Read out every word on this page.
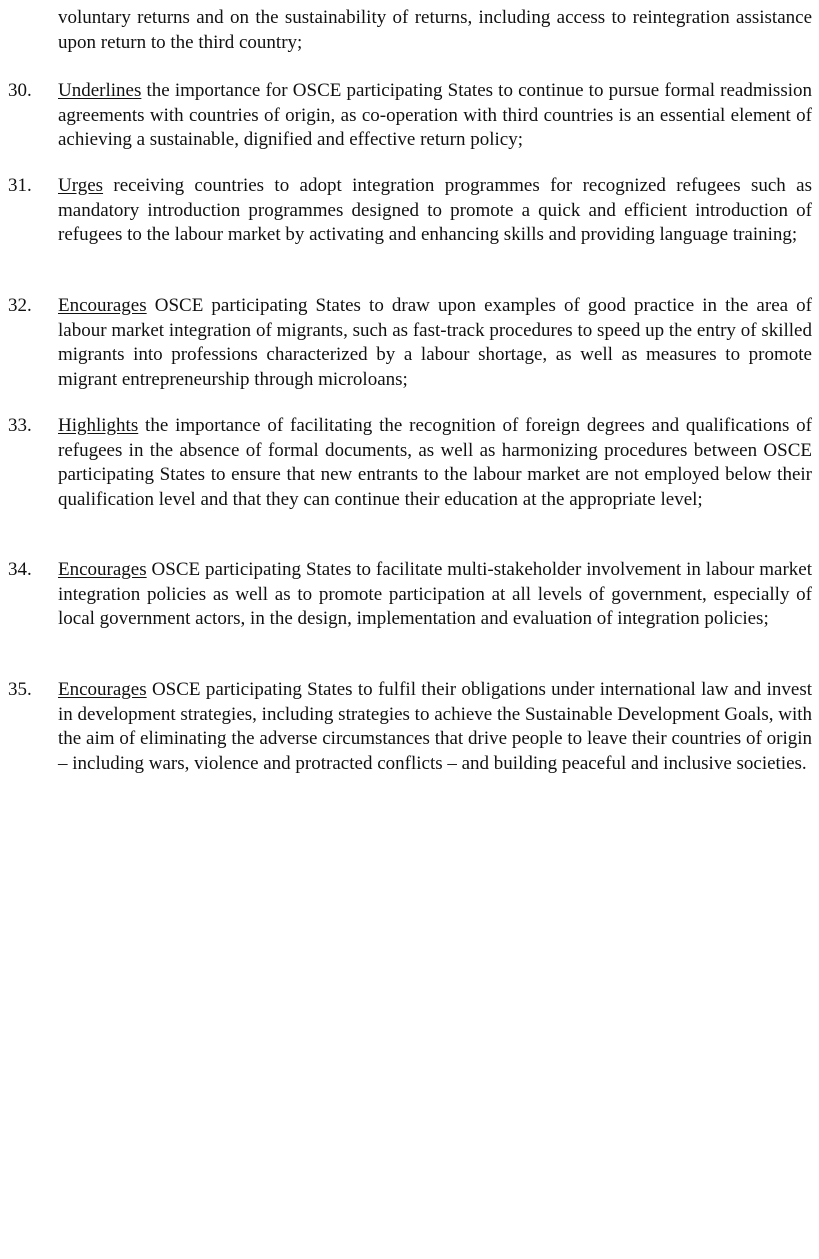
voluntary returns and on the sustainability of returns, including access to reintegration assistance upon return to the third country;
30.	Underlines the importance for OSCE participating States to continue to pursue formal readmission agreements with countries of origin, as co-operation with third countries is an essential element of achieving a sustainable, dignified and effective return policy;
31.	Urges receiving countries to adopt integration programmes for recognized refugees such as mandatory introduction programmes designed to promote a quick and efficient introduction of refugees to the labour market by activating and enhancing skills and providing language training;
32.	Encourages OSCE participating States to draw upon examples of good practice in the area of labour market integration of migrants, such as fast-track procedures to speed up the entry of skilled migrants into professions characterized by a labour shortage, as well as measures to promote migrant entrepreneurship through microloans;
33.	Highlights the importance of facilitating the recognition of foreign degrees and qualifications of refugees in the absence of formal documents, as well as harmonizing procedures between OSCE participating States to ensure that new entrants to the labour market are not employed below their qualification level and that they can continue their education at the appropriate level;
34.	Encourages OSCE participating States to facilitate multi-stakeholder involvement in labour market integration policies as well as to promote participation at all levels of government, especially of local government actors, in the design, implementation and evaluation of integration policies;
35.	Encourages OSCE participating States to fulfil their obligations under international law and invest in development strategies, including strategies to achieve the Sustainable Development Goals, with the aim of eliminating the adverse circumstances that drive people to leave their countries of origin – including wars, violence and protracted conflicts – and building peaceful and inclusive societies.
